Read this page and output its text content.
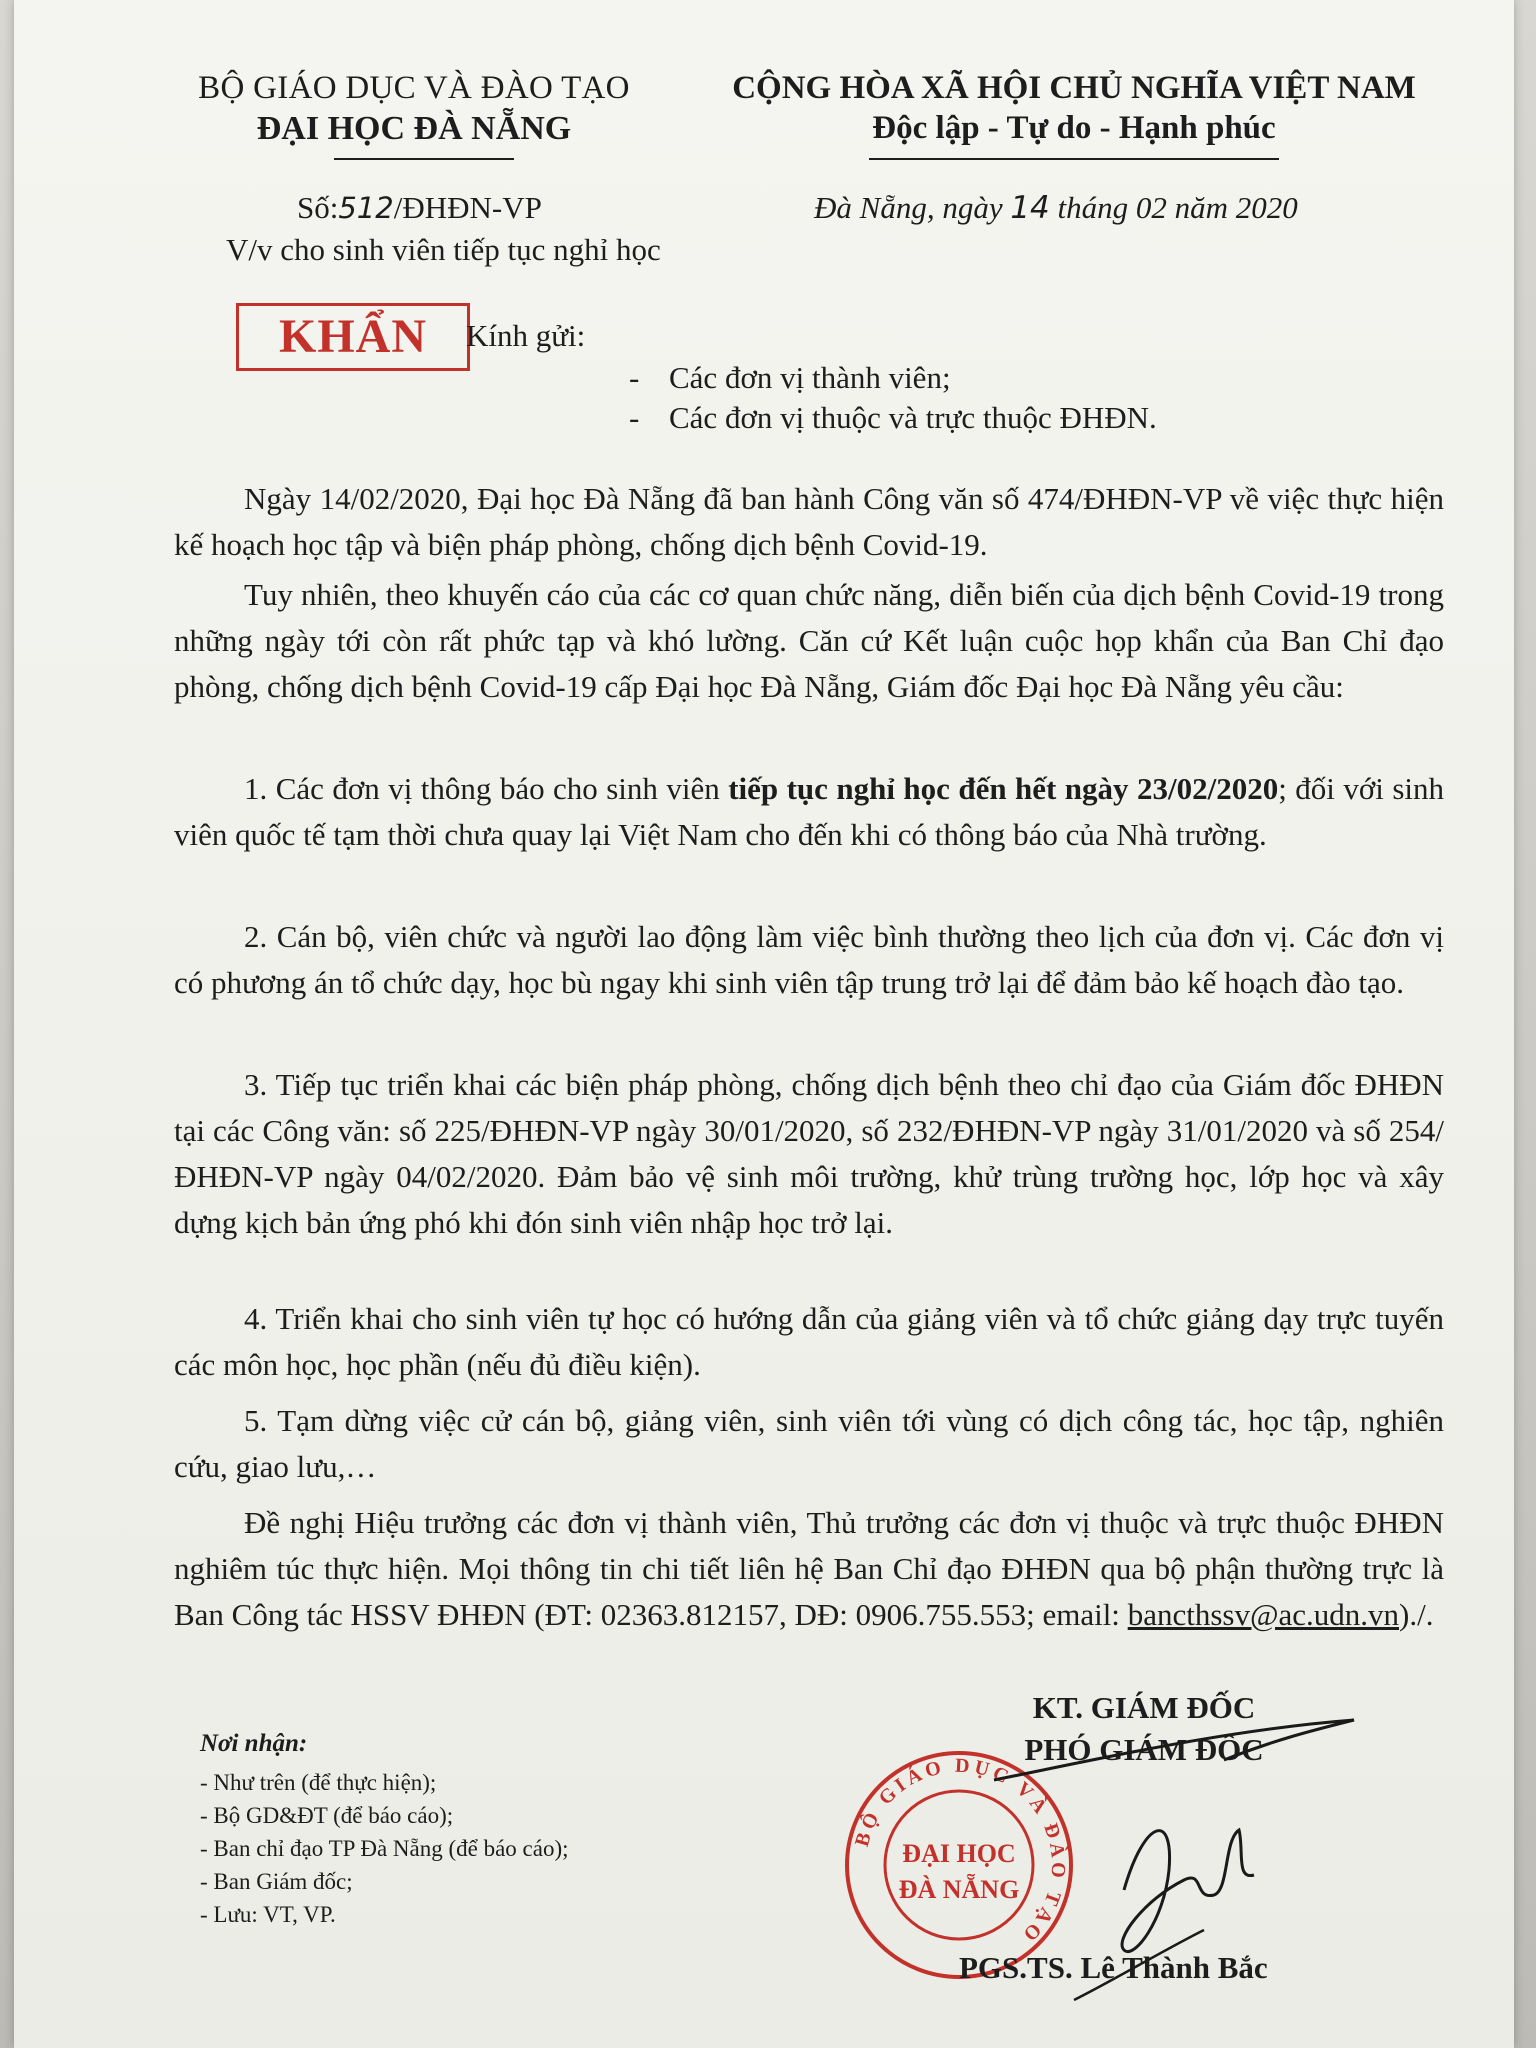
BỘ GIÁO DỤC VÀ ĐÀO TẠO
ĐẠI HỌC ĐÀ NẴNG
CỘNG HÒA XÃ HỘI CHỦ NGHĨA VIỆT NAM
Độc lập - Tự do - Hạnh phúc
Số:512/ĐHĐN-VP
V/v cho sinh viên tiếp tục nghỉ học
Đà Nẵng, ngày 14 tháng 02 năm 2020
KHẨN	Kính gửi:
- Các đơn vị thành viên;
- Các đơn vị thuộc và trực thuộc ĐHĐN.
Ngày 14/02/2020, Đại học Đà Nẵng đã ban hành Công văn số 474/ĐHĐN-VP về việc thực hiện kế hoạch học tập và biện pháp phòng, chống dịch bệnh Covid-19.
Tuy nhiên, theo khuyến cáo của các cơ quan chức năng, diễn biến của dịch bệnh Covid-19 trong những ngày tới còn rất phức tạp và khó lường. Căn cứ Kết luận cuộc họp khẩn của Ban Chỉ đạo phòng, chống dịch bệnh Covid-19 cấp Đại học Đà Nẵng, Giám đốc Đại học Đà Nẵng yêu cầu:
1. Các đơn vị thông báo cho sinh viên tiếp tục nghỉ học đến hết ngày 23/02/2020; đối với sinh viên quốc tế tạm thời chưa quay lại Việt Nam cho đến khi có thông báo của Nhà trường.
2. Cán bộ, viên chức và người lao động làm việc bình thường theo lịch của đơn vị. Các đơn vị có phương án tổ chức dạy, học bù ngay khi sinh viên tập trung trở lại để đảm bảo kế hoạch đào tạo.
3. Tiếp tục triển khai các biện pháp phòng, chống dịch bệnh theo chỉ đạo của Giám đốc ĐHĐN tại các Công văn: số 225/ĐHĐN-VP ngày 30/01/2020, số 232/ĐHĐN-VP ngày 31/01/2020 và số 254/ĐHĐN-VP ngày 04/02/2020. Đảm bảo vệ sinh môi trường, khử trùng trường học, lớp học và xây dựng kịch bản ứng phó khi đón sinh viên nhập học trở lại.
4. Triển khai cho sinh viên tự học có hướng dẫn của giảng viên và tổ chức giảng dạy trực tuyến các môn học, học phần (nếu đủ điều kiện).
5. Tạm dừng việc cử cán bộ, giảng viên, sinh viên tới vùng có dịch công tác, học tập, nghiên cứu, giao lưu,…
Đề nghị Hiệu trưởng các đơn vị thành viên, Thủ trưởng các đơn vị thuộc và trực thuộc ĐHĐN nghiêm túc thực hiện. Mọi thông tin chi tiết liên hệ Ban Chỉ đạo ĐHĐN qua bộ phận thường trực là Ban Công tác HSSV ĐHĐN (ĐT: 02363.812157, DĐ: 0906.755.553; email: bancthssv@ac.udn.vn)./.
Nơi nhận:
- Như trên (để thực hiện);
- Bộ GD&ĐT (để báo cáo);
- Ban chỉ đạo TP Đà Nẵng (để báo cáo);
- Ban Giám đốc;
- Lưu: VT, VP.
BỘ GIÁO DỤC VÀ ĐÀO TẠO
ĐẠI HỌC
ĐÀ NẴNG
KT. GIÁM ĐỐC
PHÓ GIÁM ĐỐC
PGS.TS. Lê Thành Bắc
